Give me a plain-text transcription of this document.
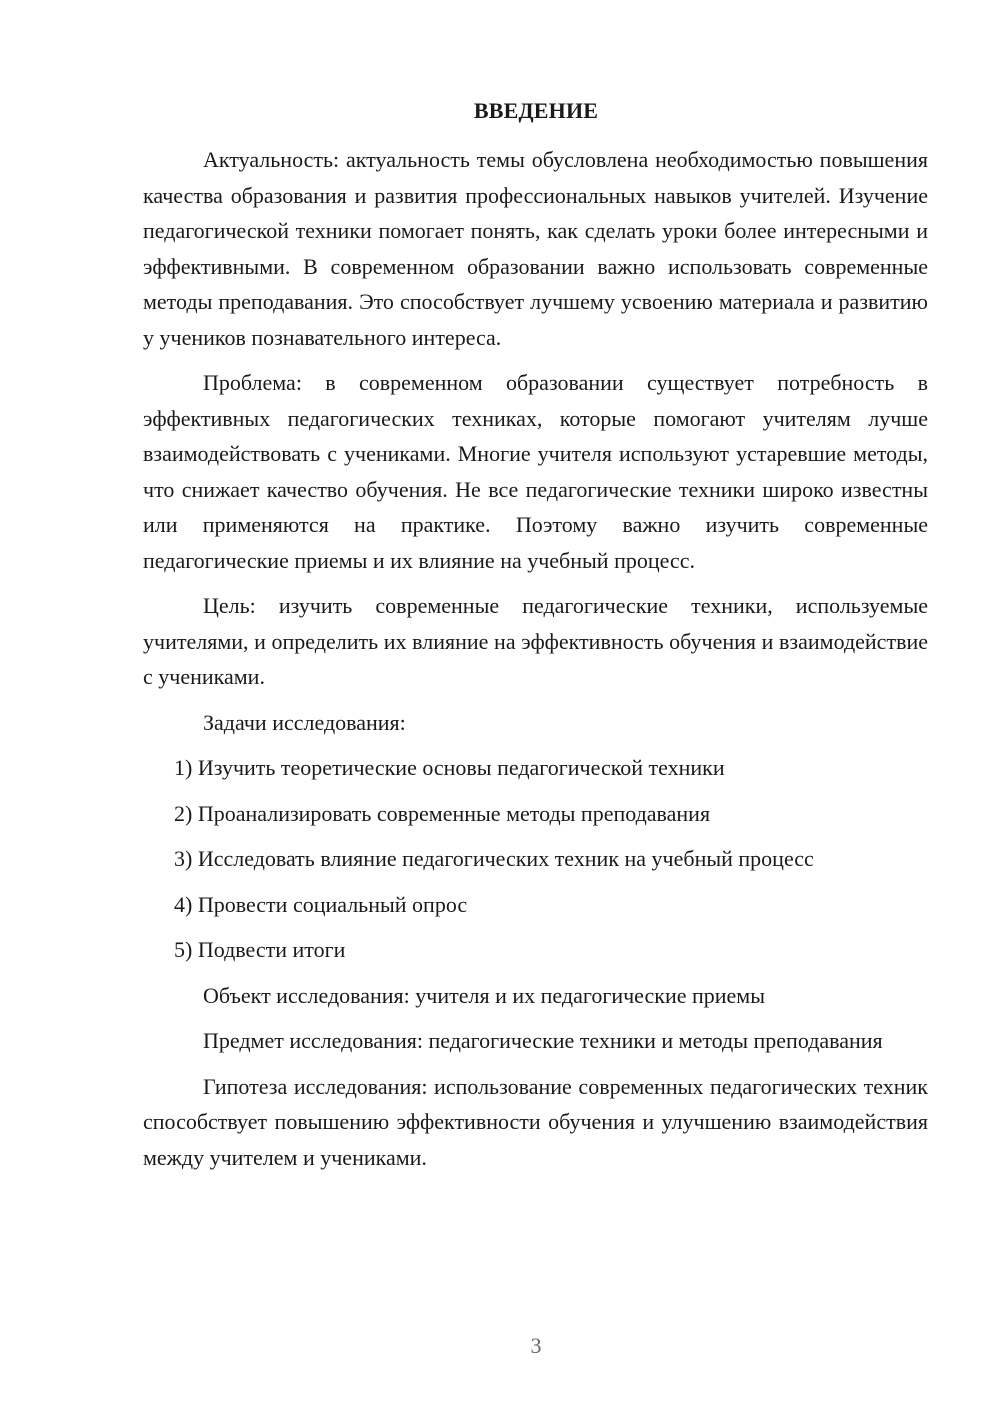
ВВЕДЕНИЕ

Актуальность: актуальность темы обусловлена необходимостью повышения качества образования и развития профессиональных навыков учителей. Изучение педагогической техники помогает понять, как сделать уроки более интересными и эффективными. В современном образовании важно использовать современные методы преподавания. Это способствует лучшему усвоению материала и развитию у учеников познавательного интереса.

Проблема: в современном образовании существует потребность в эффективных педагогических техниках, которые помогают учителям лучше взаимодействовать с учениками. Многие учителя используют устаревшие методы, что снижает качество обучения. Не все педагогические техники широко известны или применяются на практике. Поэтому важно изучить современные педагогические приемы и их влияние на учебный процесс.

Цель: изучить современные педагогические техники, используемые учителями, и определить их влияние на эффективность обучения и взаимодействие с учениками.

Задачи исследования:

1) Изучить теоретические основы педагогической техники
2) Проанализировать современные методы преподавания
3) Исследовать влияние педагогических техник на учебный процесс
4) Провести социальный опрос
5) Подвести итоги

Объект исследования: учителя и их педагогические приемы

Предмет исследования: педагогические техники и методы преподавания

Гипотеза исследования: использование современных педагогических техник способствует повышению эффективности обучения и улучшению взаимодействия между учителем и учениками.

3
